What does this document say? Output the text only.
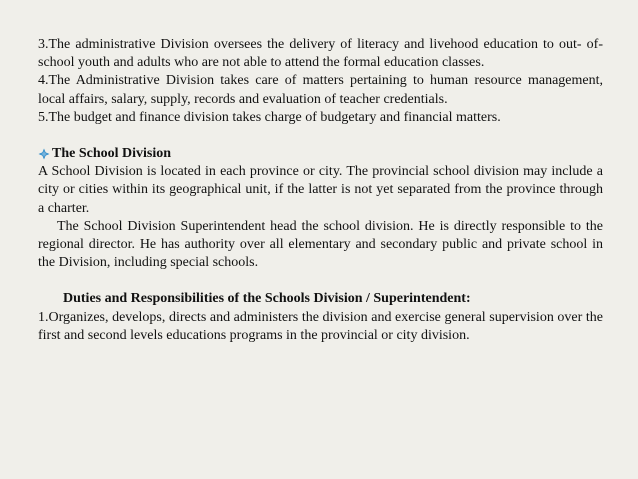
3.The administrative Division oversees the delivery of literacy and livehood education to out- of-school youth and adults who are not able to attend the formal education classes.

4.The Administrative Division takes care of matters pertaining to human resource management, local affairs, salary, supply, records and evaluation of teacher credentials.

5.The budget and finance division takes charge of budgetary and financial matters.

The School Division

A School Division is located in each province or city. The provincial school division may include a city or cities within its geographical unit, if the latter is not yet separated from the province through a charter.

The School Division Superintendent head the school division. He is directly responsible to the regional director. He has authority over all elementary and secondary public and private school in the Division, including special schools.

Duties and Responsibilities of the Schools Division / Superintendent:

1.Organizes, develops, directs and administers the division and exercise general supervision over the first and second levels educations programs in the provincial or city division.
